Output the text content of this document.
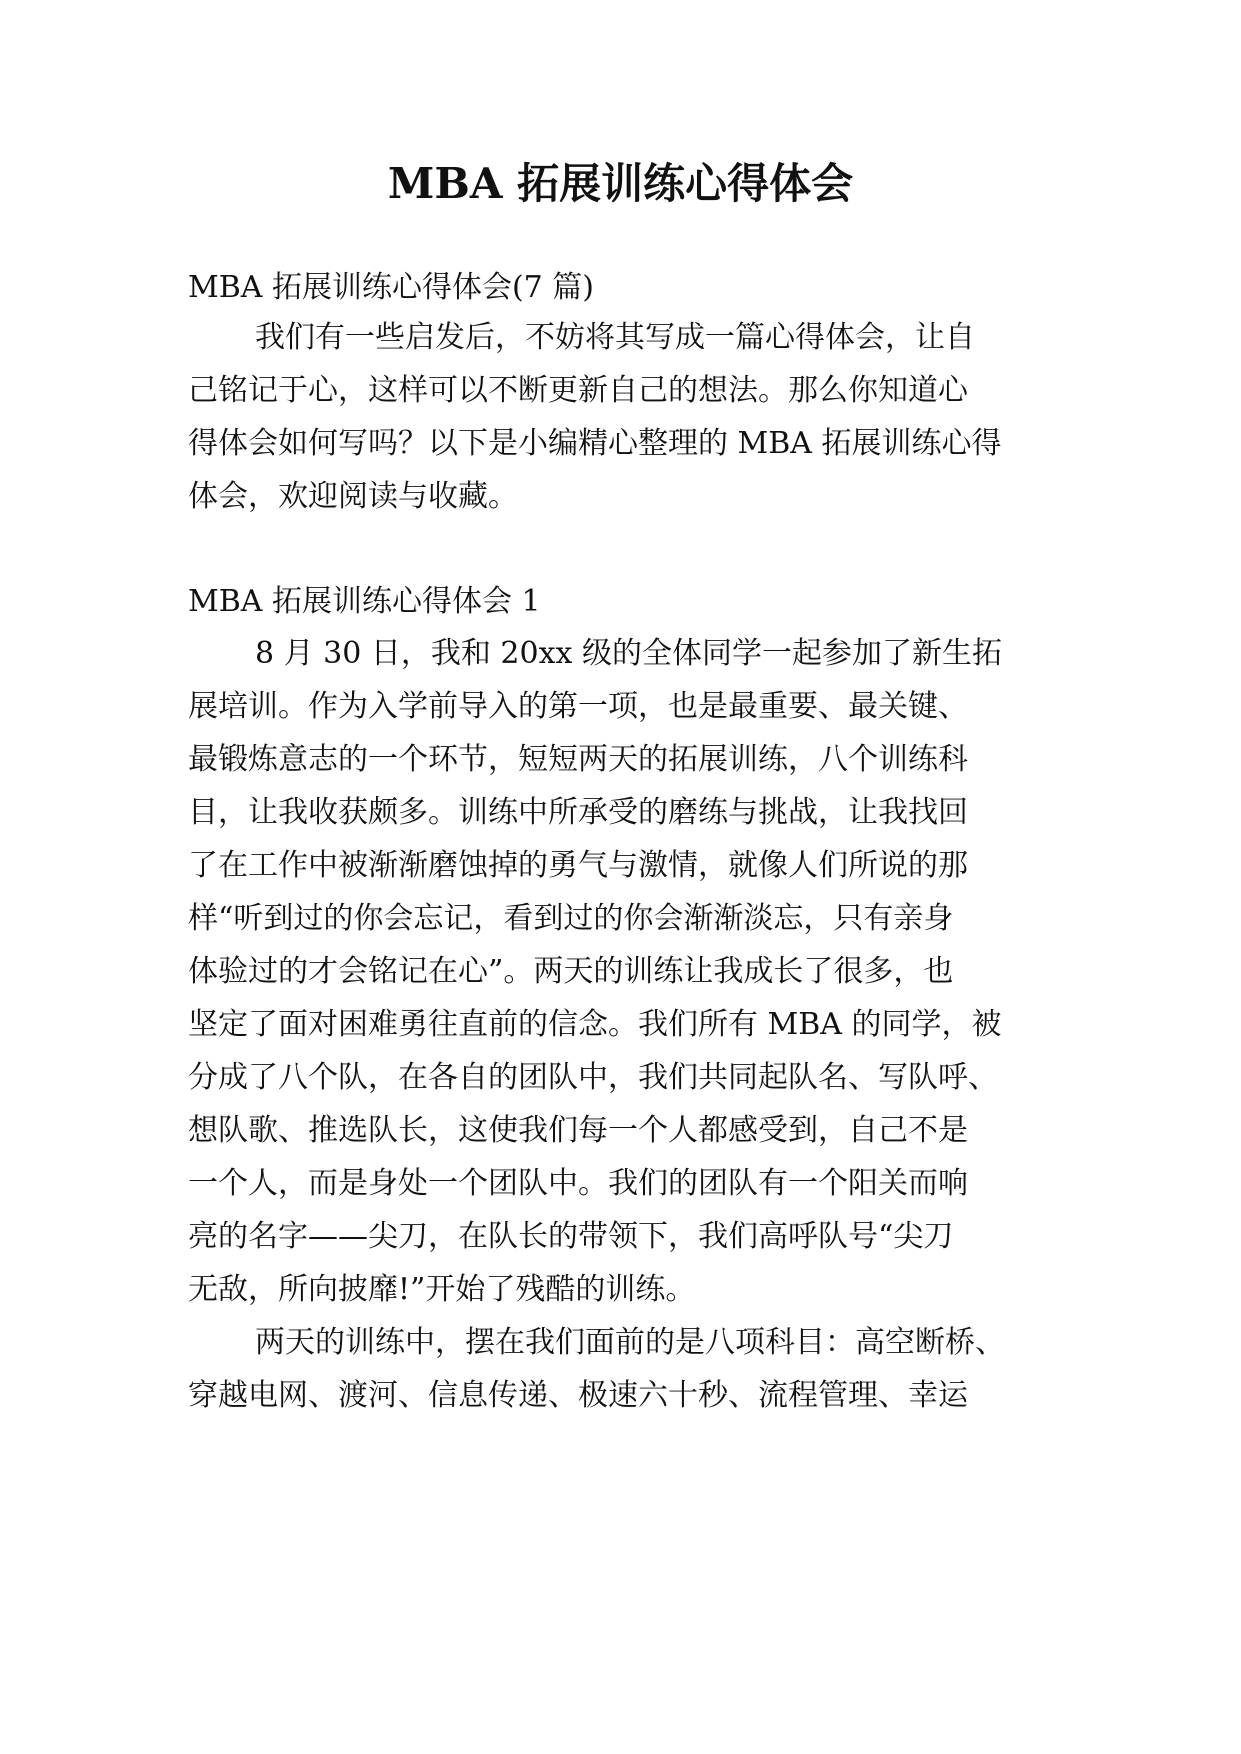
MBA 拓展训练心得体会
MBA 拓展训练心得体会(7 篇)
我们有一些启发后，不妨将其写成一篇心得体会，让自
己铭记于心，这样可以不断更新自己的想法。那么你知道心
得体会如何写吗？以下是小编精心整理的 MBA 拓展训练心得
体会，欢迎阅读与收藏。
MBA 拓展训练心得体会 1
8 月 30 日，我和 20xx 级的全体同学一起参加了新生拓
展培训。作为入学前导入的第一项，也是最重要、最关键、
最锻炼意志的一个环节，短短两天的拓展训练，八个训练科
目，让我收获颇多。训练中所承受的磨练与挑战，让我找回
了在工作中被渐渐磨蚀掉的勇气与激情，就像人们所说的那
样“听到过的你会忘记，看到过的你会渐渐淡忘，只有亲身
体验过的才会铭记在心”。两天的训练让我成长了很多，也
坚定了面对困难勇往直前的信念。我们所有 MBA 的同学，被
分成了八个队，在各自的团队中，我们共同起队名、写队呼、
想队歌、推选队长，这使我们每一个人都感受到，自己不是
一个人，而是身处一个团队中。我们的团队有一个阳关而响
亮的名字——尖刀，在队长的带领下，我们高呼队号“尖刀
无敌，所向披靡!”开始了残酷的训练。
两天的训练中，摆在我们面前的是八项科目：高空断桥、
穿越电网、渡河、信息传递、极速六十秒、流程管理、幸运
